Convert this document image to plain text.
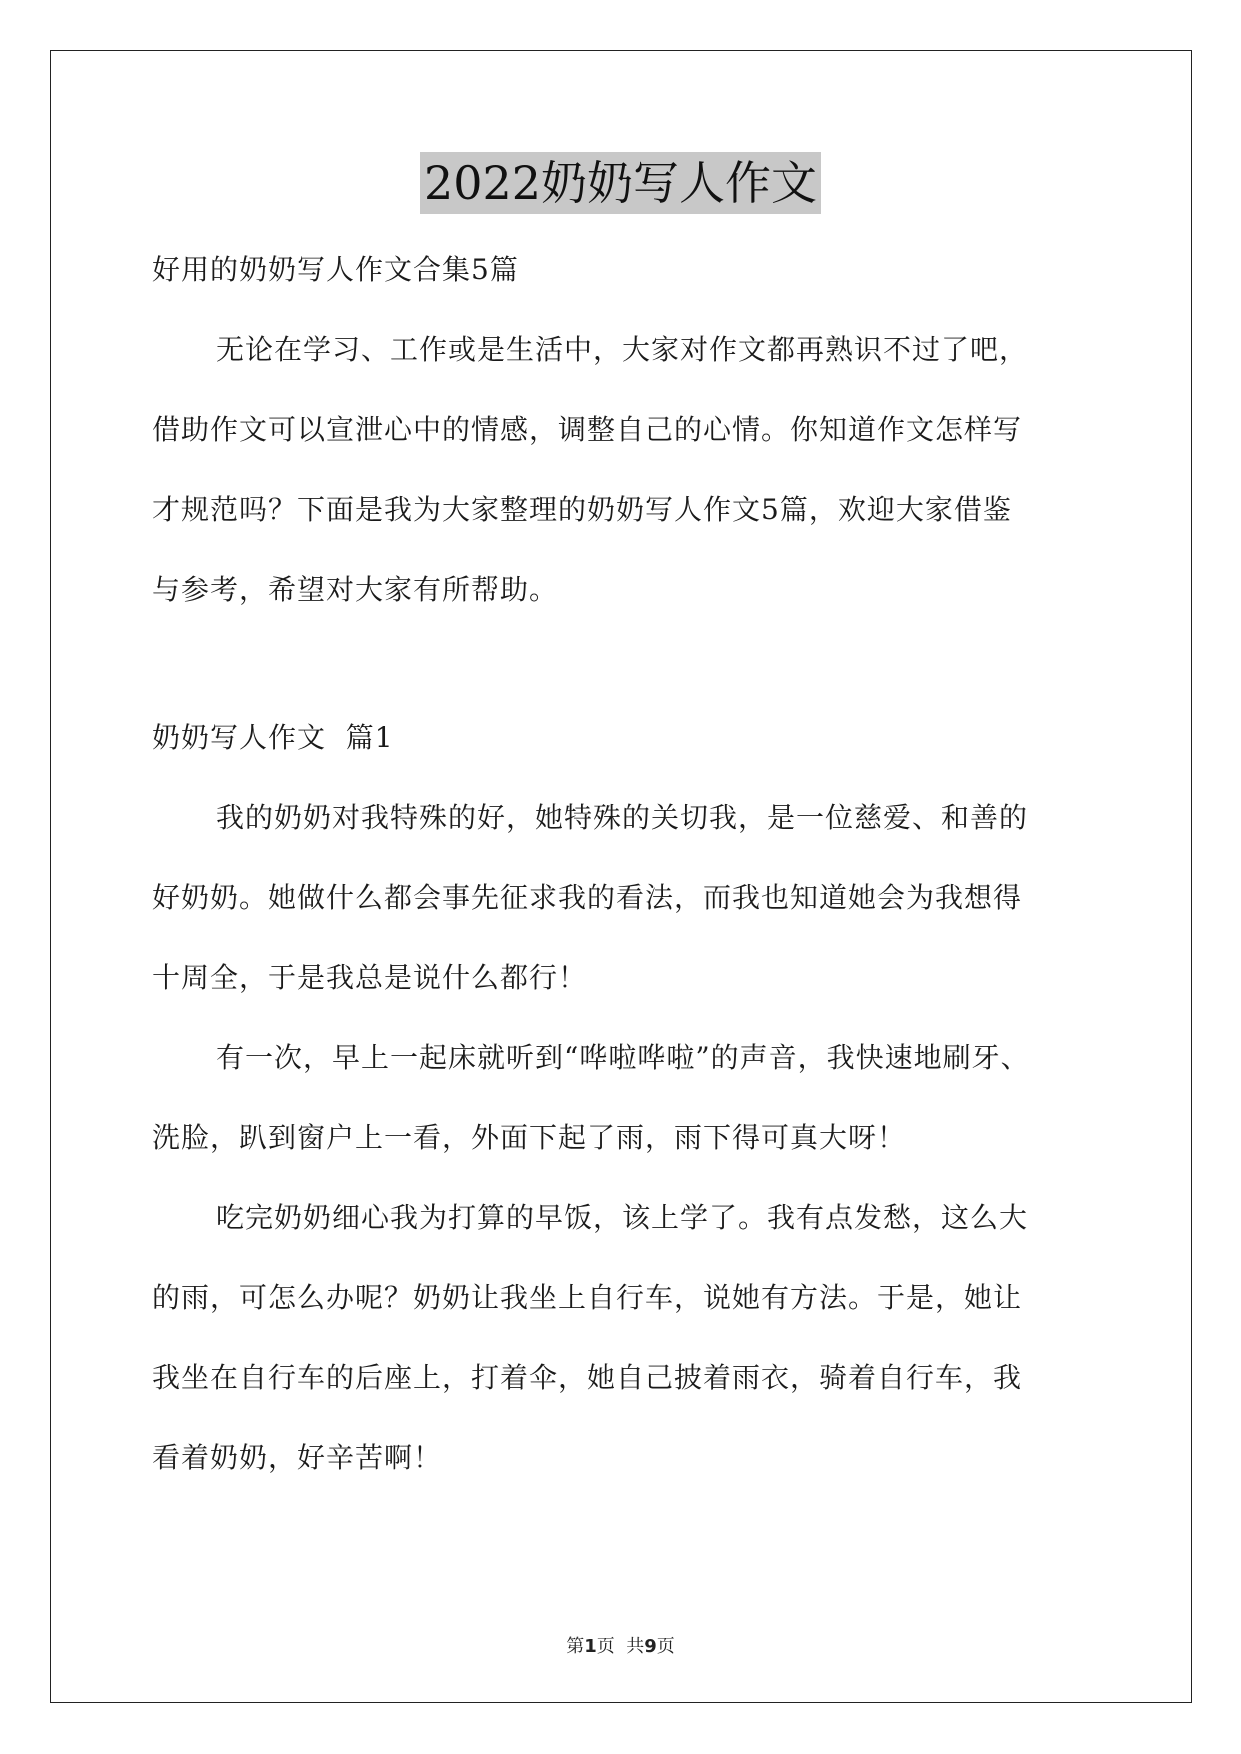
2022奶奶写人作文
好用的奶奶写人作文合集5篇
无论在学习、工作或是生活中，大家对作文都再熟识不过了吧，
借助作文可以宣泄心中的情感，调整自己的心情。你知道作文怎样写
才规范吗？下面是我为大家整理的奶奶写人作文5篇，欢迎大家借鉴
与参考，希望对大家有所帮助。
奶奶写人作文  篇1
我的奶奶对我特殊的好，她特殊的关切我，是一位慈爱、和善的
好奶奶。她做什么都会事先征求我的看法，而我也知道她会为我想得
十周全，于是我总是说什么都行！
有一次，早上一起床就听到“哗啦哗啦”的声音，我快速地刷牙、
洗脸，趴到窗户上一看，外面下起了雨，雨下得可真大呀！
吃完奶奶细心我为打算的早饭，该上学了。我有点发愁，这么大
的雨，可怎么办呢？奶奶让我坐上自行车，说她有方法。于是，她让
我坐在自行车的后座上，打着伞，她自己披着雨衣，骑着自行车，我
看着奶奶，好辛苦啊！
第1页  共9页
